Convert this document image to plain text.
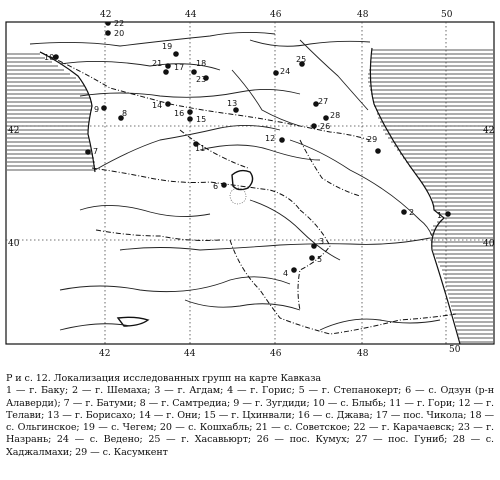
1
2
3
4
5
6
7
8
9
10
11
12
13
14
15
16
17 18
19
20
21
22
23
24
25
26
27
28
29
42	44	46	48	50
42	44	46	48	50
42
40
42
40
Р и с. 12. Локализация исследованных групп на карте Кавказа
1 — г. Баку; 2 — г. Шемаха; 3 — г. Агдам; 4 — г. Горис; 5 — г. Степанокерт; 6 — с. Одзун (р-н Алаверди); 7 — г. Батуми; 8 — г. Самтредиа; 9 — г. Зугдиди; 10 — с. Блыбь; 11 — г. Гори; 12 — г. Телави; 13 — г. Борисахо; 14 — г. Они; 15 — г. Цхинвали; 16 — с. Джава; 17 — пос. Чикола; 18 — с. Ольгинское; 19 — с. Чегем; 20 — с. Кошхабль; 21 — с. Советское; 22 — г. Карачаевск; 23 — г. Назрань; 24 — с. Ведено; 25 — г. Хасавьюрт; 26 — пос. Кумух; 27 — пос. Гуниб; 28 — с. Хаджалмахи; 29 — с. Касумкент
